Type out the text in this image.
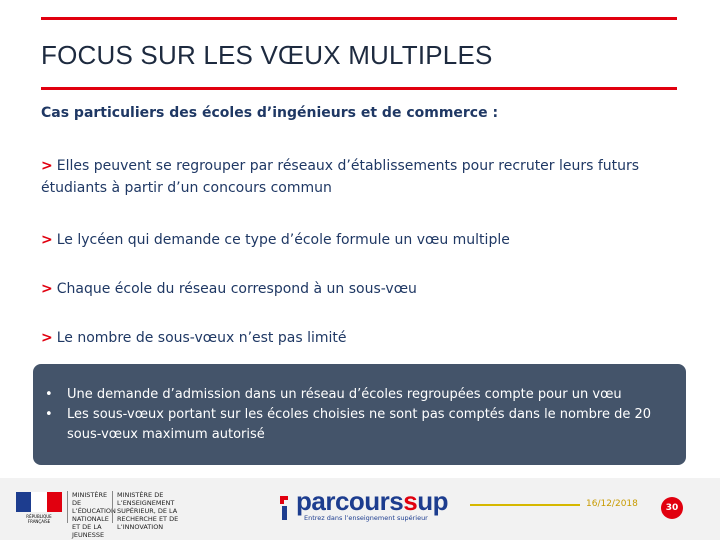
FOCUS SUR LES VŒUX MULTIPLES
Cas particuliers des écoles d’ingénieurs et de commerce :
> Elles peuvent se regrouper par réseaux d’établissements pour recruter leurs futurs étudiants à partir d’un concours commun
> Le lycéen qui demande ce type d’école formule un vœu multiple
> Chaque école du réseau correspond à un sous-vœu
> Le nombre de sous-vœux n’est pas limité
• Une demande d’admission dans un réseau d’écoles regroupées compte pour un vœu
• Les sous-vœux portant sur les écoles choisies ne sont pas comptés dans le nombre de 20 sous-vœux maximum autorisé
RÉPUBLIQUE FRANÇAISE
MINISTÈRE DE L’ÉDUCATION NATIONALE ET DE LA JEUNESSE
MINISTÈRE DE L’ENSEIGNEMENT SUPÉRIEUR, DE LA RECHERCHE ET DE L’INNOVATION
parcourssup
Entrez dans l’enseignement supérieur
16/12/2018	30
